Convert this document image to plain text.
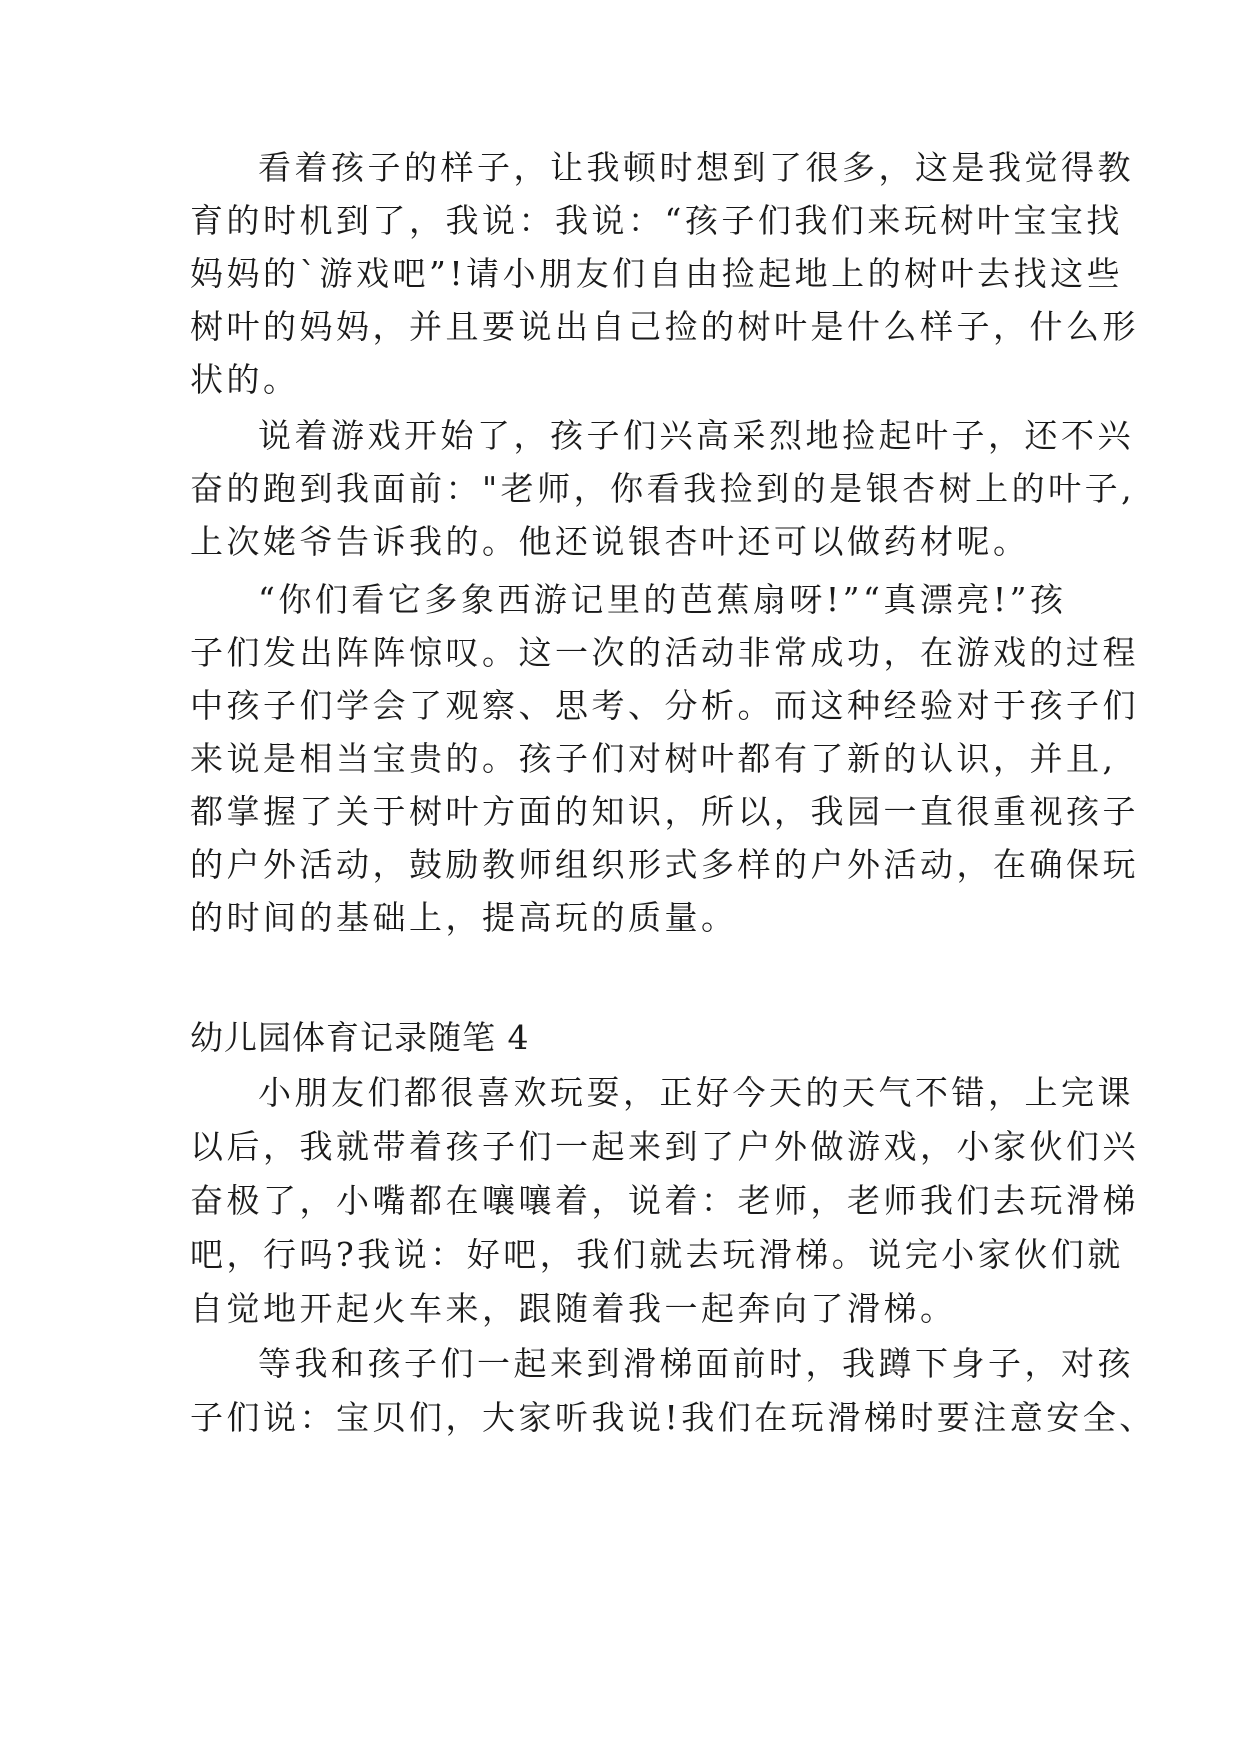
看着孩子的样子，让我顿时想到了很多，这是我觉得教
育的时机到了，我说：我说：“孩子们我们来玩树叶宝宝找
妈妈的`游戏吧”!请小朋友们自由捡起地上的树叶去找这些
树叶的妈妈，并且要说出自己捡的树叶是什么样子，什么形
状的。
说着游戏开始了，孩子们兴高采烈地捡起叶子，还不兴
奋的跑到我面前："老师，你看我捡到的是银杏树上的叶子,
上次姥爷告诉我的。他还说银杏叶还可以做药材呢。
“你们看它多象西游记里的芭蕉扇呀!”“真漂亮!”孩
子们发出阵阵惊叹。这一次的活动非常成功，在游戏的过程
中孩子们学会了观察、思考、分析。而这种经验对于孩子们
来说是相当宝贵的。孩子们对树叶都有了新的认识，并且,
都掌握了关于树叶方面的知识，所以，我园一直很重视孩子
的户外活动，鼓励教师组织形式多样的户外活动，在确保玩
的时间的基础上，提高玩的质量。
幼儿园体育记录随笔 4
小朋友们都很喜欢玩耍，正好今天的天气不错，上完课
以后，我就带着孩子们一起来到了户外做游戏，小家伙们兴
奋极了，小嘴都在嚷嚷着，说着：老师，老师我们去玩滑梯
吧，行吗?我说：好吧，我们就去玩滑梯。说完小家伙们就
自觉地开起火车来，跟随着我一起奔向了滑梯。
等我和孩子们一起来到滑梯面前时，我蹲下身子，对孩
子们说：宝贝们，大家听我说!我们在玩滑梯时要注意安全、
